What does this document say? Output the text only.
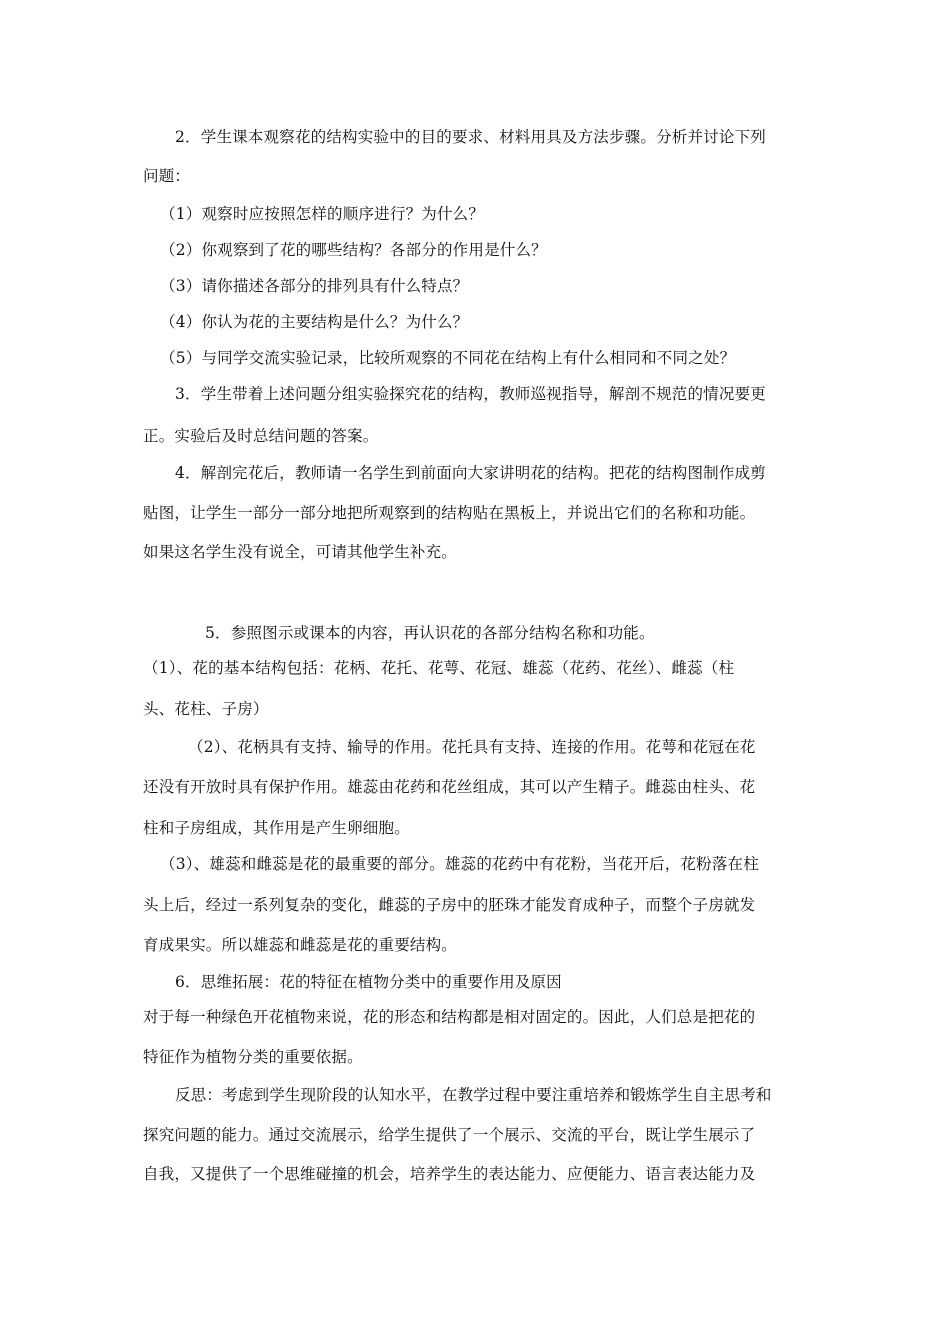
2．学生课本观察花的结构实验中的目的要求、材料用具及方法步骤。分析并讨论下列
问题：
（1）观察时应按照怎样的顺序进行？为什么？
（2）你观察到了花的哪些结构？各部分的作用是什么？
（3）请你描述各部分的排列具有什么特点？
（4）你认为花的主要结构是什么？为什么？
（5）与同学交流实验记录，比较所观察的不同花在结构上有什么相同和不同之处？
3．学生带着上述问题分组实验探究花的结构，教师巡视指导，解剖不规范的情况要更
正。实验后及时总结问题的答案。
4．解剖完花后，教师请一名学生到前面向大家讲明花的结构。把花的结构图制作成剪
贴图，让学生一部分一部分地把所观察到的结构贴在黑板上，并说出它们的名称和功能。
如果这名学生没有说全，可请其他学生补充。
5．参照图示或课本的内容，再认识花的各部分结构名称和功能。
（1）、花的基本结构包括：花柄、花托、花萼、花冠、雄蕊（花药、花丝）、雌蕊（柱
头、花柱、子房）
（2）、花柄具有支持、输导的作用。花托具有支持、连接的作用。花萼和花冠在花
还没有开放时具有保护作用。雄蕊由花药和花丝组成，其可以产生精子。雌蕊由柱头、花
柱和子房组成，其作用是产生卵细胞。
（3）、雄蕊和雌蕊是花的最重要的部分。雄蕊的花药中有花粉，当花开后，花粉落在柱
头上后，经过一系列复杂的变化，雌蕊的子房中的胚珠才能发育成种子，而整个子房就发
育成果实。所以雄蕊和雌蕊是花的重要结构。
6．思维拓展：花的特征在植物分类中的重要作用及原因
对于每一种绿色开花植物来说，花的形态和结构都是相对固定的。因此，人们总是把花的
特征作为植物分类的重要依据。
反思：考虑到学生现阶段的认知水平，在教学过程中要注重培养和锻炼学生自主思考和
探究问题的能力。通过交流展示，给学生提供了一个展示、交流的平台，既让学生展示了
自我，又提供了一个思维碰撞的机会，培养学生的表达能力、应便能力、语言表达能力及
